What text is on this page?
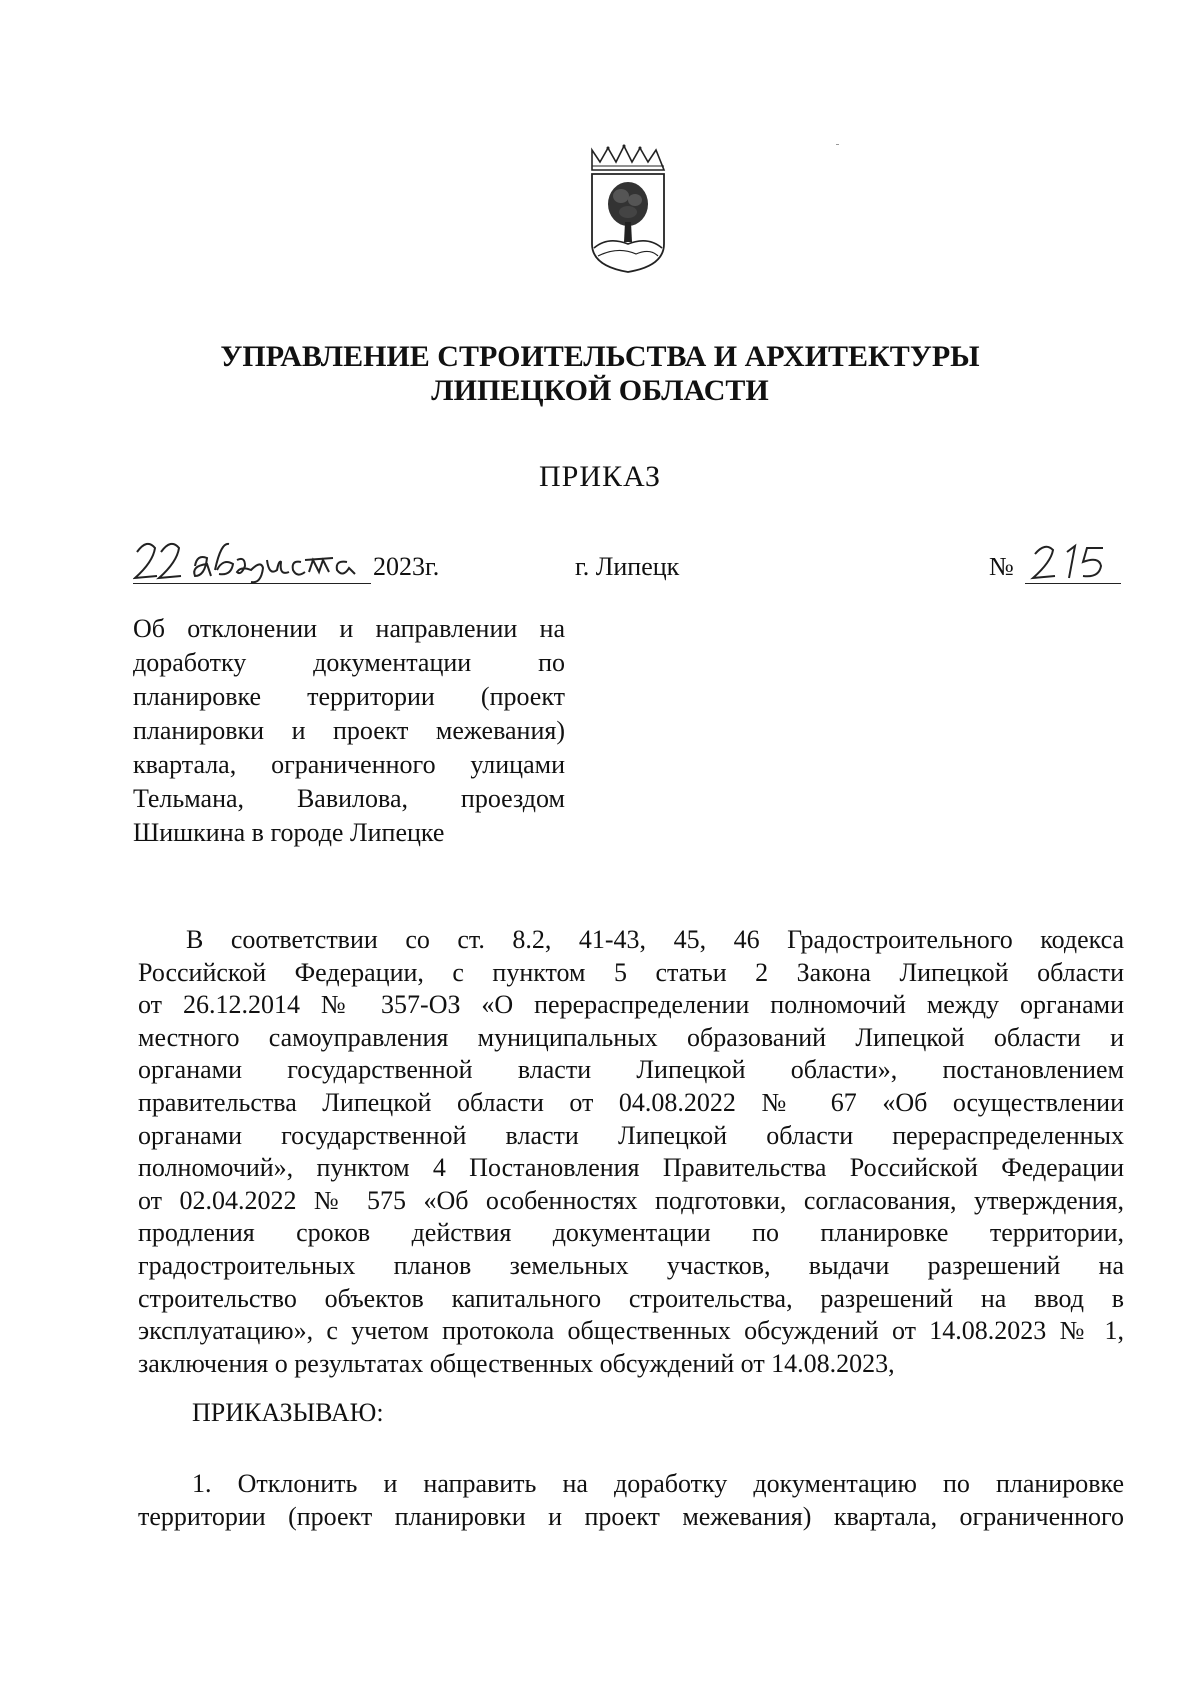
УПРАВЛЕНИЕ СТРОИТЕЛЬСТВА И АРХИТЕКТУРЫ
ЛИПЕЦКОЙ ОБЛАСТИ
ПРИКАЗ
2023г.	г. Липецк	№
Об отклонении и направлении на
доработку документации по
планировке территории (проект
планировки и проект межевания)
квартала, ограниченного улицами
Тельмана, Вавилова, проездом
Шишкина в городе Липецке
В соответствии со ст. 8.2, 41-43, 45, 46 Градостроительного кодекса
Российской Федерации, с пунктом 5 статьи 2 Закона Липецкой области
от 26.12.2014 № 357-ОЗ «О перераспределении полномочий между органами
местного самоуправления муниципальных образований Липецкой области и
органами государственной власти Липецкой области», постановлением
правительства Липецкой области от 04.08.2022 № 67 «Об осуществлении
органами государственной власти Липецкой области перераспределенных
полномочий», пунктом 4 Постановления Правительства Российской Федерации
от 02.04.2022 № 575 «Об особенностях подготовки, согласования, утверждения,
продления сроков действия документации по планировке территории,
градостроительных планов земельных участков, выдачи разрешений на
строительство объектов капитального строительства, разрешений на ввод в
эксплуатацию», с учетом протокола общественных обсуждений от 14.08.2023 № 1,
заключения о результатах общественных обсуждений от 14.08.2023,
ПРИКАЗЫВАЮ:
1. Отклонить и направить на доработку документацию по планировке
территории (проект планировки и проект межевания) квартала, ограниченного
